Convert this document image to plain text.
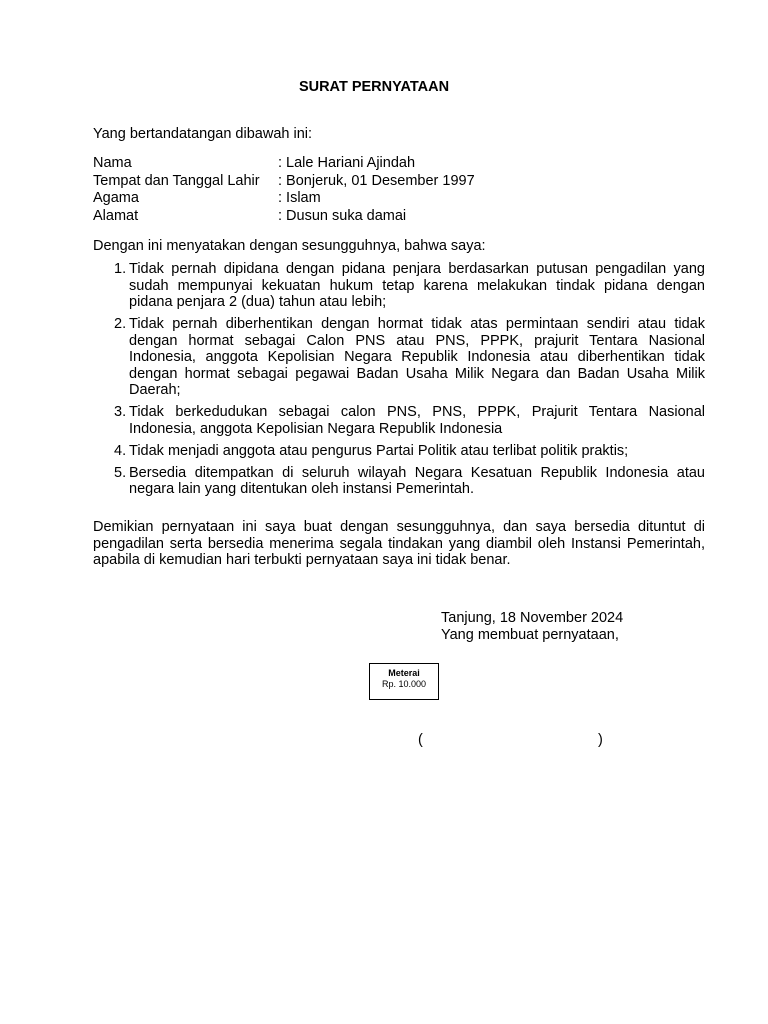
SURAT PERNYATAAN
Yang bertandatangan dibawah ini:
Nama	: Lale Hariani Ajindah
Tempat dan Tanggal Lahir	: Bonjeruk, 01 Desember 1997
Agama	: Islam
Alamat	: Dusun suka damai
Dengan ini menyatakan dengan sesungguhnya, bahwa saya:
1. Tidak pernah dipidana dengan pidana penjara berdasarkan putusan pengadilan yang sudah mempunyai kekuatan hukum tetap karena melakukan tindak pidana dengan pidana penjara 2 (dua) tahun atau lebih;
2. Tidak pernah diberhentikan dengan hormat tidak atas permintaan sendiri atau tidak dengan hormat sebagai Calon PNS atau PNS, PPPK, prajurit Tentara Nasional Indonesia, anggota Kepolisian Negara Republik Indonesia atau diberhentikan tidak dengan hormat sebagai pegawai Badan Usaha Milik Negara dan Badan Usaha Milik Daerah;
3. Tidak berkedudukan sebagai calon PNS, PNS, PPPK, Prajurit Tentara Nasional Indonesia, anggota Kepolisian Negara Republik Indonesia
4. Tidak menjadi anggota atau pengurus Partai Politik atau terlibat politik praktis;
5. Bersedia ditempatkan di seluruh wilayah Negara Kesatuan Republik Indonesia atau negara lain yang ditentukan oleh instansi Pemerintah.
Demikian pernyataan ini saya buat dengan sesungguhnya, dan saya bersedia dituntut di pengadilan serta bersedia menerima segala tindakan yang diambil oleh Instansi Pemerintah, apabila di kemudian hari terbukti pernyataan saya ini tidak benar.
Tanjung, 18 November 2024
Yang membuat pernyataan,
Meterai
Rp. 10.000
(	)
